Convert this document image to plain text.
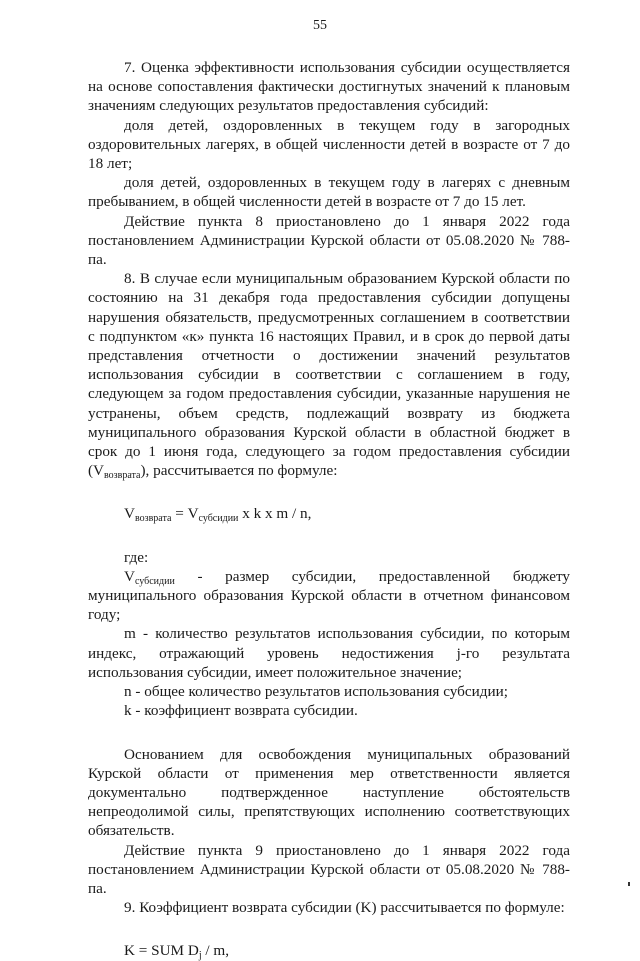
55

7. Оценка эффективности использования субсидии осуществляется на основе сопоставления фактически достигнутых значений к плановым значениям следующих результатов предоставления субсидий:

доля детей, оздоровленных в текущем году в загородных оздоровительных лагерях, в общей численности детей в возрасте от 7 до 18 лет;

доля детей, оздоровленных в текущем году в лагерях с дневным пребыванием, в общей численности детей в возрасте от 7 до 15 лет.

Действие пункта 8 приостановлено до 1 января 2022 года постановлением Администрации Курской области от 05.08.2020 № 788-па.

8. В случае если муниципальным образованием Курской области по состоянию на 31 декабря года предоставления субсидии допущены нарушения обязательств, предусмотренных соглашением в соответствии с подпунктом «к» пункта 16 настоящих Правил, и в срок до первой даты представления отчетности о достижении значений результатов использования субсидии в соответствии с соглашением в году, следующем за годом предоставления субсидии, указанные нарушения не устранены, объем средств, подлежащий возврату из бюджета муниципального образования Курской области в областной бюджет в срок до 1 июня года, следующего за годом предоставления субсидии $(V_{возврата})$, рассчитывается по формуле:

$V_{возврата} = V_{субсидии}$ x k x m / n,

где:

$V_{субсидии}$ - размер субсидии, предоставленной бюджету муниципального образования Курской области в отчетном финансовом году;

m - количество результатов использования субсидии, по которым индекс, отражающий уровень недостижения j-го результата использования субсидии, имеет положительное значение;

n - общее количество результатов использования субсидии;

k - коэффициент возврата субсидии.

Основанием для освобождения муниципальных образований Курской области от применения мер ответственности является документально подтвержденное наступление обстоятельств непреодолимой силы, препятствующих исполнению соответствующих обязательств.

Действие пункта 9 приостановлено до 1 января 2022 года постановлением Администрации Курской области от 05.08.2020 № 788-па.

9. Коэффициент возврата субсидии (K) рассчитывается по формуле:

K = SUM $D_j$ / m,
